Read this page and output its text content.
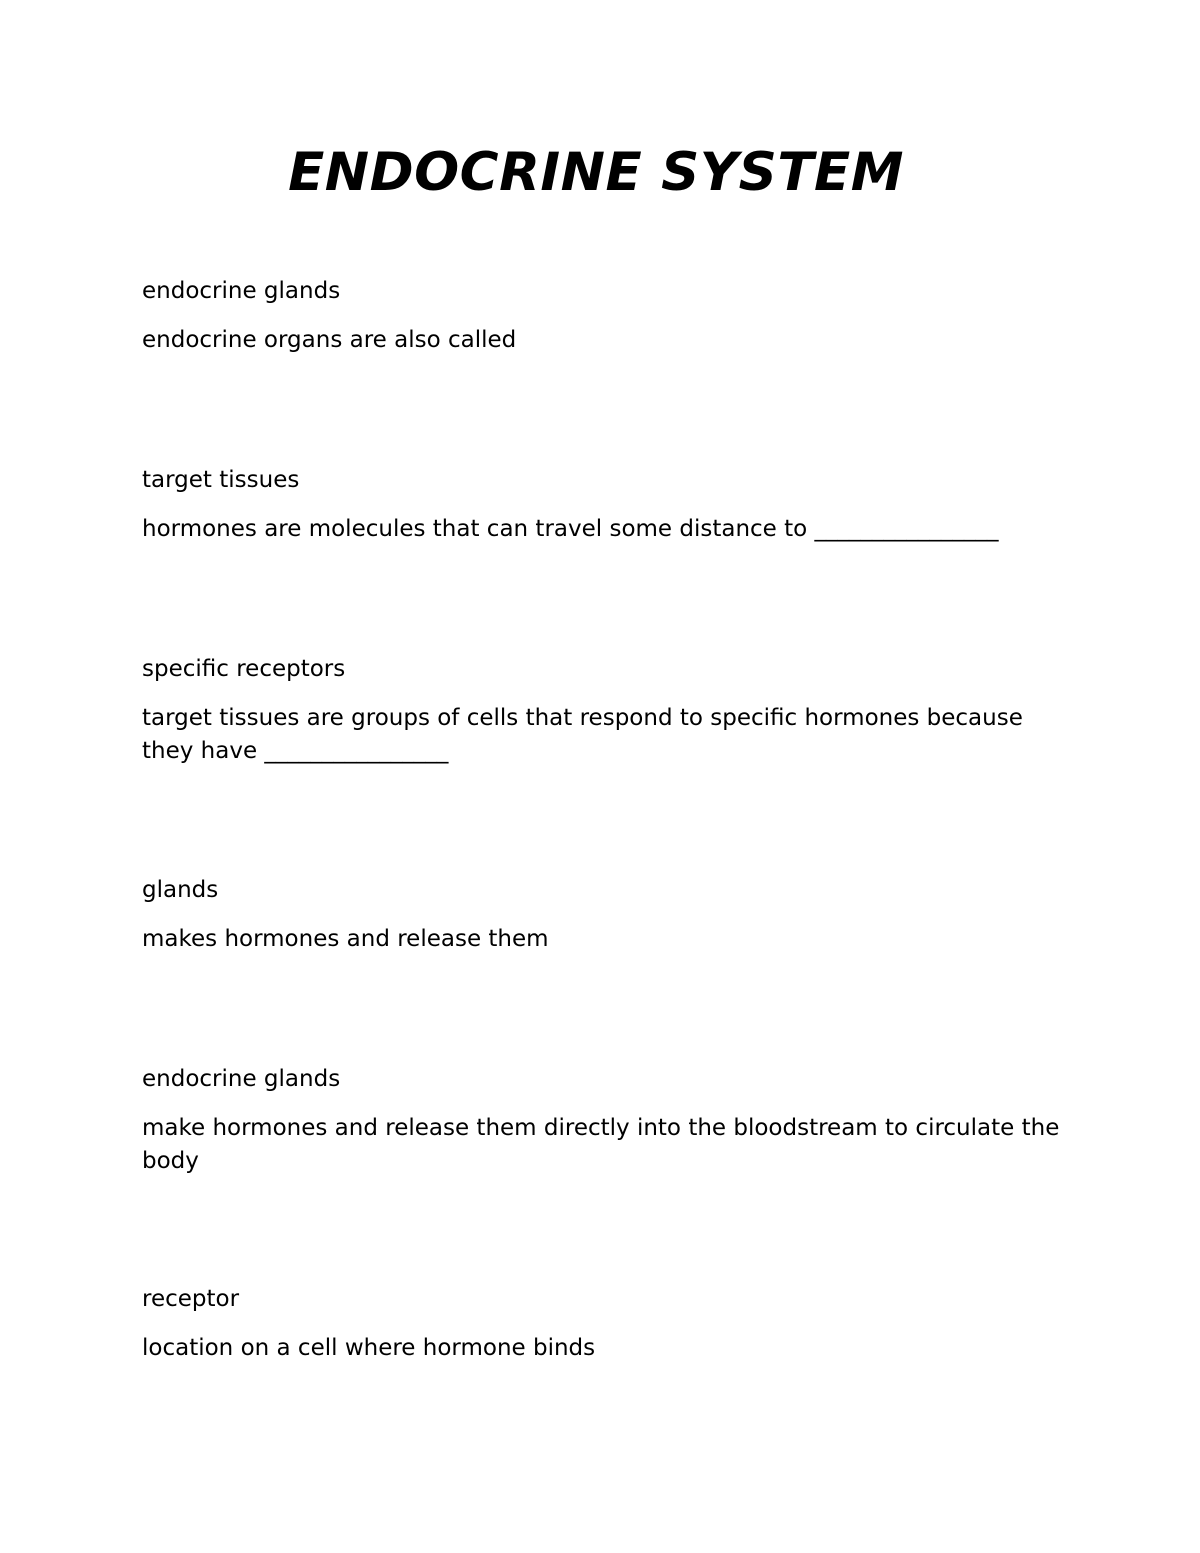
ENDOCRINE SYSTEM

endocrine glands

endocrine organs are also called

target tissues

hormones are molecules that can travel some distance to ________________

specific receptors

target tissues are groups of cells that respond to specific hormones because they have ________________

glands

makes hormones and release them

endocrine glands

make hormones and release them directly into the bloodstream to circulate the body

receptor

location on a cell where hormone binds
